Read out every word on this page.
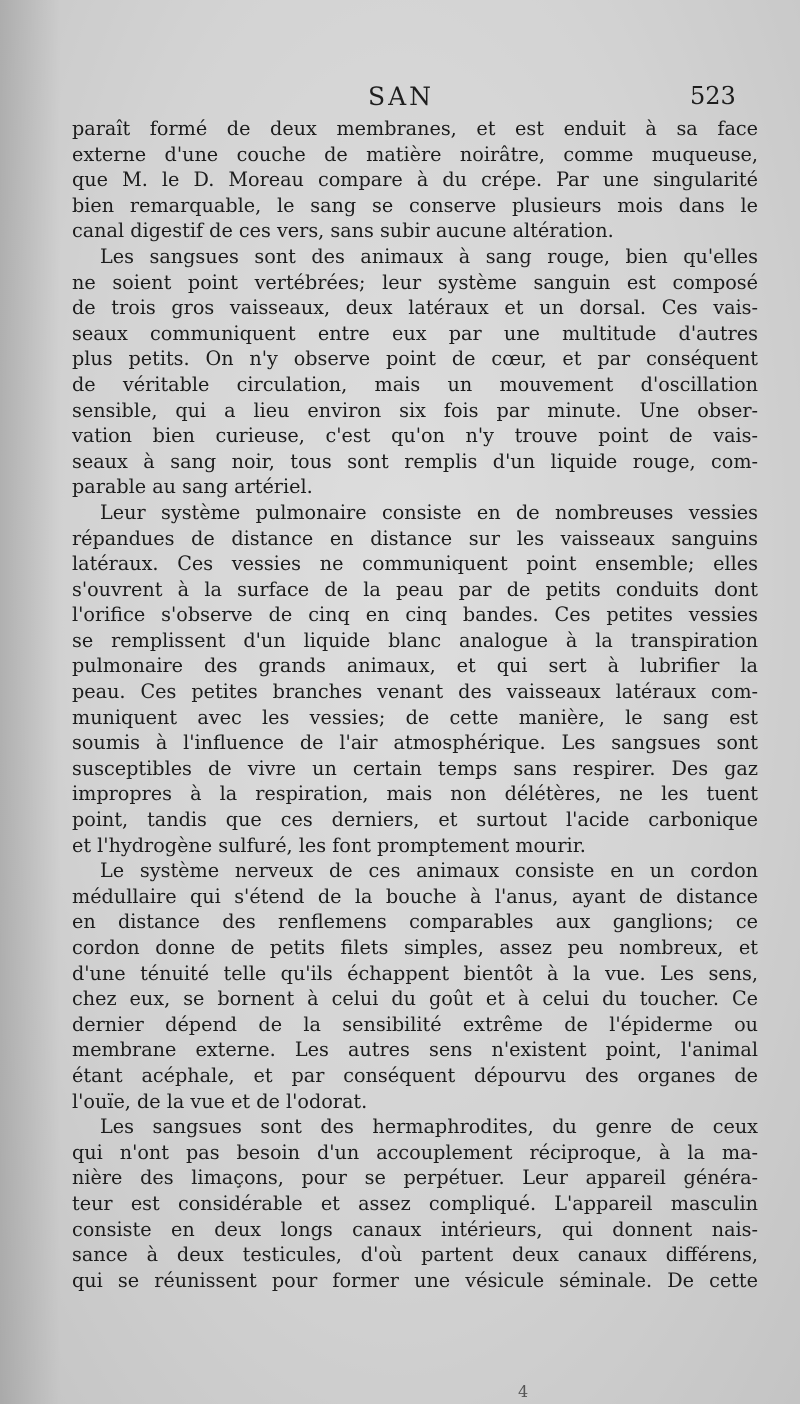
SAN	523
paraît formé de deux membranes, et est enduit à sa face
externe d'une couche de matière noirâtre, comme muqueuse,
que M. le D. Moreau compare à du crépe. Par une singularité
bien remarquable, le sang se conserve plusieurs mois dans le
canal digestif de ces vers, sans subir aucune altération.
Les sangsues sont des animaux à sang rouge, bien qu'elles
ne soient point vertébrées; leur système sanguin est composé
de trois gros vaisseaux, deux latéraux et un dorsal. Ces vais-
seaux communiquent entre eux par une multitude d'autres
plus petits. On n'y observe point de cœur, et par conséquent
de véritable circulation, mais un mouvement d'oscillation
sensible, qui a lieu environ six fois par minute. Une obser-
vation bien curieuse, c'est qu'on n'y trouve point de vais-
seaux à sang noir, tous sont remplis d'un liquide rouge, com-
parable au sang artériel.
Leur système pulmonaire consiste en de nombreuses vessies
répandues de distance en distance sur les vaisseaux sanguins
latéraux. Ces vessies ne communiquent point ensemble; elles
s'ouvrent à la surface de la peau par de petits conduits dont
l'orifice s'observe de cinq en cinq bandes. Ces petites vessies
se remplissent d'un liquide blanc analogue à la transpiration
pulmonaire des grands animaux, et qui sert à lubrifier la
peau. Ces petites branches venant des vaisseaux latéraux com-
muniquent avec les vessies; de cette manière, le sang est
soumis à l'influence de l'air atmosphérique. Les sangsues sont
susceptibles de vivre un certain temps sans respirer. Des gaz
impropres à la respiration, mais non délétères, ne les tuent
point, tandis que ces derniers, et surtout l'acide carbonique
et l'hydrogène sulfuré, les font promptement mourir.
Le système nerveux de ces animaux consiste en un cordon
médullaire qui s'étend de la bouche à l'anus, ayant de distance
en distance des renflemens comparables aux ganglions; ce
cordon donne de petits filets simples, assez peu nombreux, et
d'une ténuité telle qu'ils échappent bientôt à la vue. Les sens,
chez eux, se bornent à celui du goût et à celui du toucher. Ce
dernier dépend de la sensibilité extrême de l'épiderme ou
membrane externe. Les autres sens n'existent point, l'animal
étant acéphale, et par conséquent dépourvu des organes de
l'ouïe, de la vue et de l'odorat.
Les sangsues sont des hermaphrodites, du genre de ceux
qui n'ont pas besoin d'un accouplement réciproque, à la ma-
nière des limaçons, pour se perpétuer. Leur appareil généra-
teur est considérable et assez compliqué. L'appareil masculin
consiste en deux longs canaux intérieurs, qui donnent nais-
sance à deux testicules, d'où partent deux canaux différens,
qui se réunissent pour former une vésicule séminale. De cette
4
